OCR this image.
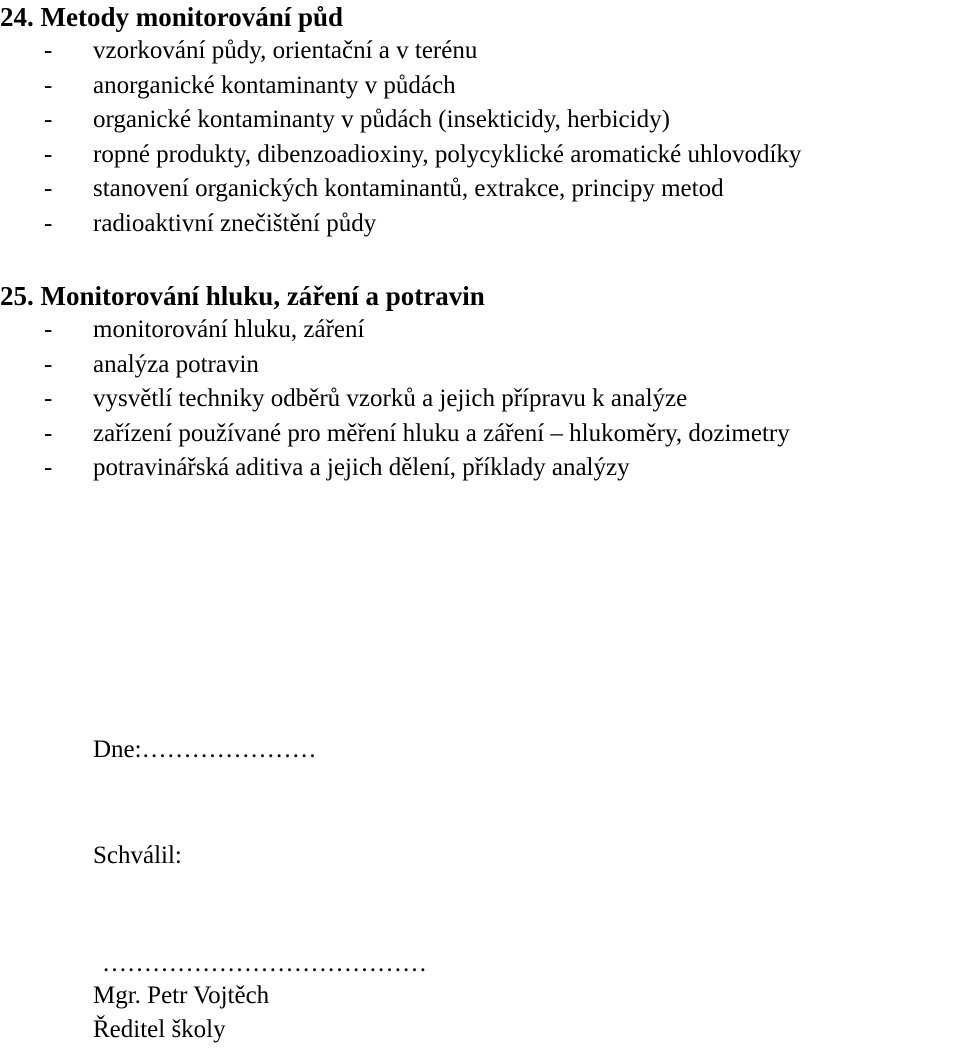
24. Metody monitorování půd
- vzorkování půdy, orientační a v terénu
- anorganické kontaminanty v půdách
- organické kontaminanty v půdách (insekticidy, herbicidy)
- ropné produkty, dibenzoadioxiny, polycyklické aromatické uhlovodíky
- stanovení organických kontaminantů, extrakce, principy metod
- radioaktivní znečištění půdy
25. Monitorování hluku, záření a potravin
- monitorování hluku, záření
- analýza potravin
- vysvětlí techniky odběrů vzorků a jejich přípravu k analýze
- zařízení používané pro měření hluku a záření – hlukoměry, dozimetry
- potravinářská aditiva a jejich dělení, příklady analýzy
Dne:…………………
Schválil:
…………………………………
Mgr. Petr Vojtěch
Ředitel školy
